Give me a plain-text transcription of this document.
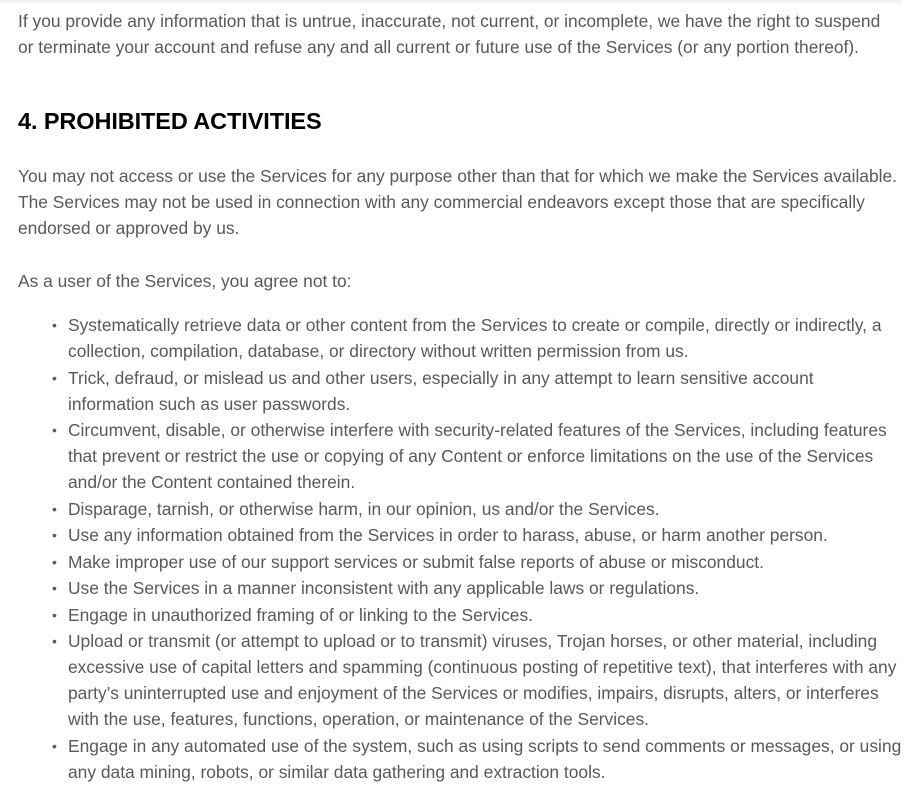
If you provide any information that is untrue, inaccurate, not current, or incomplete, we have the right to suspend or terminate your account and refuse any and all current or future use of the Services (or any portion thereof).

4. PROHIBITED ACTIVITIES

You may not access or use the Services for any purpose other than that for which we make the Services available. The Services may not be used in connection with any commercial endeavors except those that are specifically endorsed or approved by us.

As a user of the Services, you agree not to:

• Systematically retrieve data or other content from the Services to create or compile, directly or indirectly, a collection, compilation, database, or directory without written permission from us.
• Trick, defraud, or mislead us and other users, especially in any attempt to learn sensitive account information such as user passwords.
• Circumvent, disable, or otherwise interfere with security-related features of the Services, including features that prevent or restrict the use or copying of any Content or enforce limitations on the use of the Services and/or the Content contained therein.
• Disparage, tarnish, or otherwise harm, in our opinion, us and/or the Services.
• Use any information obtained from the Services in order to harass, abuse, or harm another person.
• Make improper use of our support services or submit false reports of abuse or misconduct.
• Use the Services in a manner inconsistent with any applicable laws or regulations.
• Engage in unauthorized framing of or linking to the Services.
• Upload or transmit (or attempt to upload or to transmit) viruses, Trojan horses, or other material, including excessive use of capital letters and spamming (continuous posting of repetitive text), that interferes with any party’s uninterrupted use and enjoyment of the Services or modifies, impairs, disrupts, alters, or interferes with the use, features, functions, operation, or maintenance of the Services.
• Engage in any automated use of the system, such as using scripts to send comments or messages, or using any data mining, robots, or similar data gathering and extraction tools.
